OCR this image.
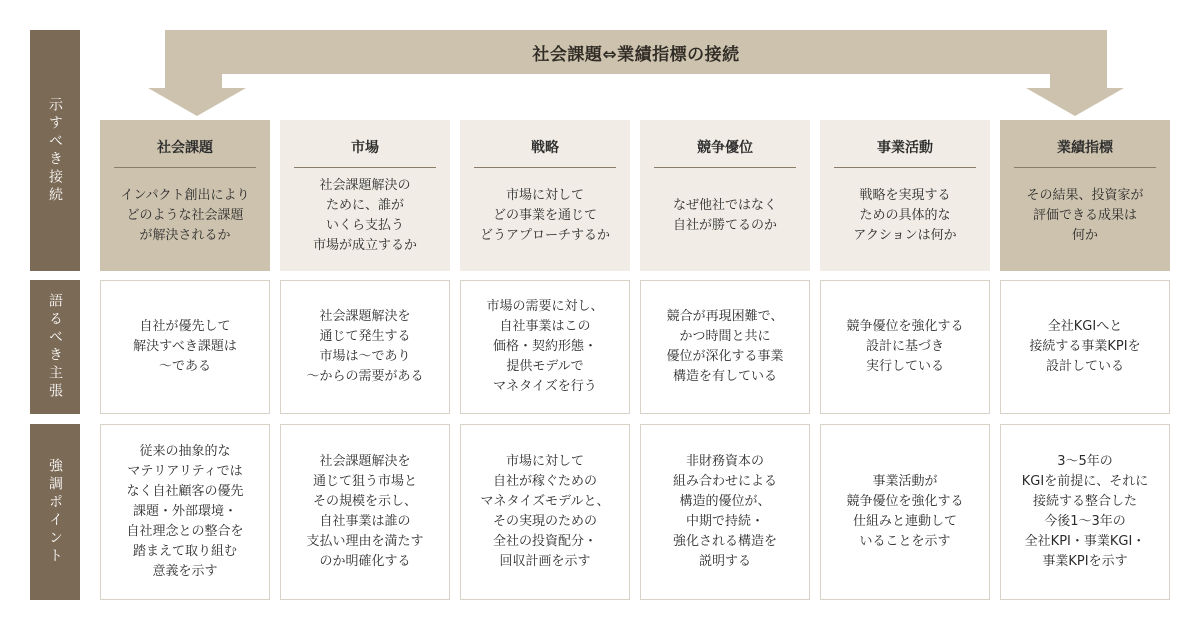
社会課題⇔業績指標の接続
示すべき接続
語るべき主張
強調ポイント
社会課題
インパクト創出により
どのような社会課題
が解決されるか
自社が優先して
解決すべき課題は
〜である
従来の抽象的な
マテリアリティでは
なく自社顧客の優先
課題・外部環境・
自社理念との整合を
踏まえて取り組む
意義を示す
市場
社会課題解決の
ために、誰が
いくら支払う
市場が成立するか
社会課題解決を
通じて発生する
市場は〜であり
〜からの需要がある
社会課題解決を
通じて狙う市場と
その規模を示し、
自社事業は誰の
支払い理由を満たす
のか明確化する
戦略
市場に対して
どの事業を通じて
どうアプローチするか
市場の需要に対し、
自社事業はこの
価格・契約形態・
提供モデルで
マネタイズを行う
市場に対して
自社が稼ぐための
マネタイズモデルと、
その実現のための
全社の投資配分・
回収計画を示す
競争優位
なぜ他社ではなく
自社が勝てるのか
競合が再現困難で、
かつ時間と共に
優位が深化する事業
構造を有している
非財務資本の
組み合わせによる
構造的優位が、
中期で持続・
強化される構造を
説明する
事業活動
戦略を実現する
ための具体的な
アクションは何か
競争優位を強化する
設計に基づき
実行している
事業活動が
競争優位を強化する
仕組みと連動して
いることを示す
業績指標
その結果、投資家が
評価できる成果は
何か
全社KGIへと
接続する事業KPIを
設計している
3〜5年の
KGIを前提に、それに
接続する整合した
今後1〜3年の
全社KPI・事業KGI・
事業KPIを示す
